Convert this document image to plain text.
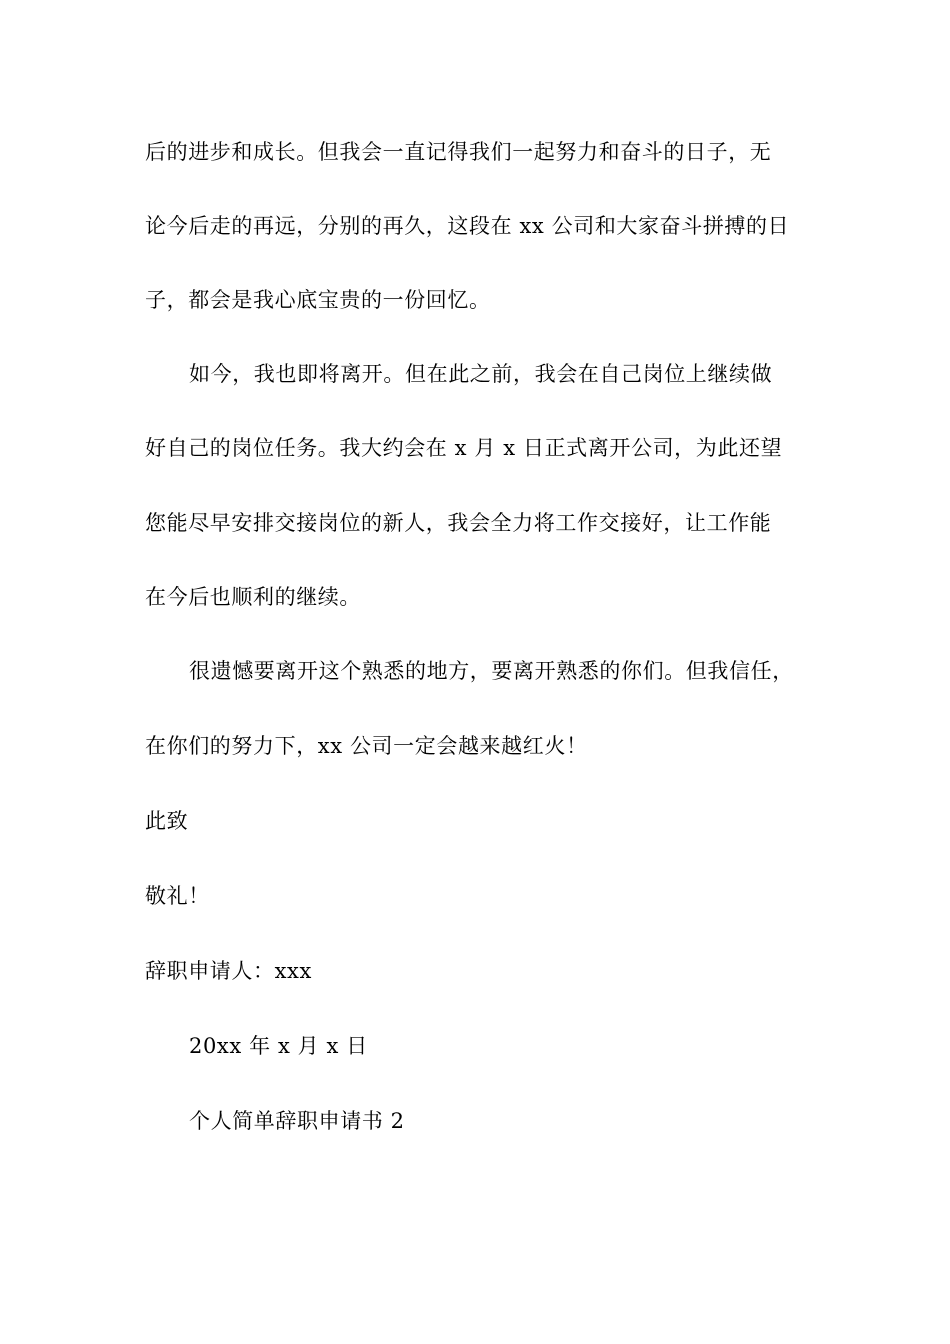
后的进步和成长。但我会一直记得我们一起努力和奋斗的日子，无
论今后走的再远，分别的再久，这段在 xx 公司和大家奋斗拼搏的日
子，都会是我心底宝贵的一份回忆。
如今，我也即将离开。但在此之前，我会在自己岗位上继续做
好自己的岗位任务。我大约会在 x 月 x 日正式离开公司，为此还望
您能尽早安排交接岗位的新人，我会全力将工作交接好，让工作能
在今后也顺利的继续。
很遗憾要离开这个熟悉的地方，要离开熟悉的你们。但我信任，
在你们的努力下，xx 公司一定会越来越红火！
此致
敬礼！
辞职申请人：xxx
20xx 年 x 月 x 日
个人简单辞职申请书 2
